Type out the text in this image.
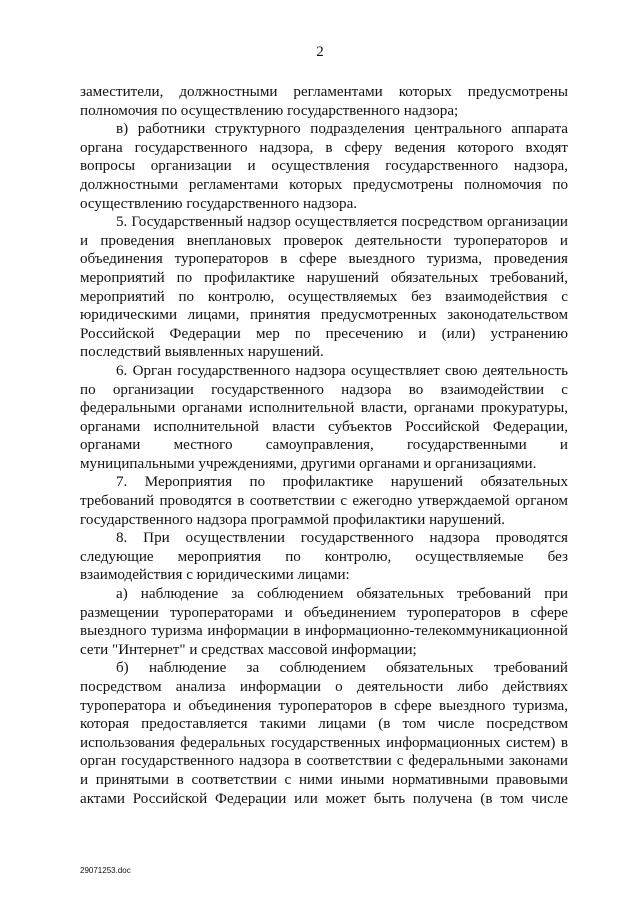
2

заместители, должностными регламентами которых предусмотрены полномочия по осуществлению государственного надзора;

в) работники структурного подразделения центрального аппарата органа государственного надзора, в сферу ведения которого входят вопросы организации и осуществления государственного надзора, должностными регламентами которых предусмотрены полномочия по осуществлению государственного надзора.

5. Государственный надзор осуществляется посредством организации и проведения внеплановых проверок деятельности туроператоров и объединения туроператоров в сфере выездного туризма, проведения мероприятий по профилактике нарушений обязательных требований, мероприятий по контролю, осуществляемых без взаимодействия с юридическими лицами, принятия предусмотренных законодательством Российской Федерации мер по пресечению и (или) устранению последствий выявленных нарушений.

6. Орган государственного надзора осуществляет свою деятельность по организации государственного надзора во взаимодействии с федеральными органами исполнительной власти, органами прокуратуры, органами исполнительной власти субъектов Российской Федерации, органами местного самоуправления, государственными и муниципальными учреждениями, другими органами и организациями.

7. Мероприятия по профилактике нарушений обязательных требований проводятся в соответствии с ежегодно утверждаемой органом государственного надзора программой профилактики нарушений.

8. При осуществлении государственного надзора проводятся следующие мероприятия по контролю, осуществляемые без взаимодействия с юридическими лицами:

а) наблюдение за соблюдением обязательных требований при размещении туроператорами и объединением туроператоров в сфере выездного туризма информации в информационно-телекоммуникационной сети "Интернет" и средствах массовой информации;

б) наблюдение за соблюдением обязательных требований посредством анализа информации о деятельности либо действиях туроператора и объединения туроператоров в сфере выездного туризма, которая предоставляется такими лицами (в том числе посредством использования федеральных государственных информационных систем) в орган государственного надзора в соответствии с федеральными законами и принятыми в соответствии с ними иными нормативными правовыми актами Российской Федерации или может быть получена (в том числе

29071253.doc
